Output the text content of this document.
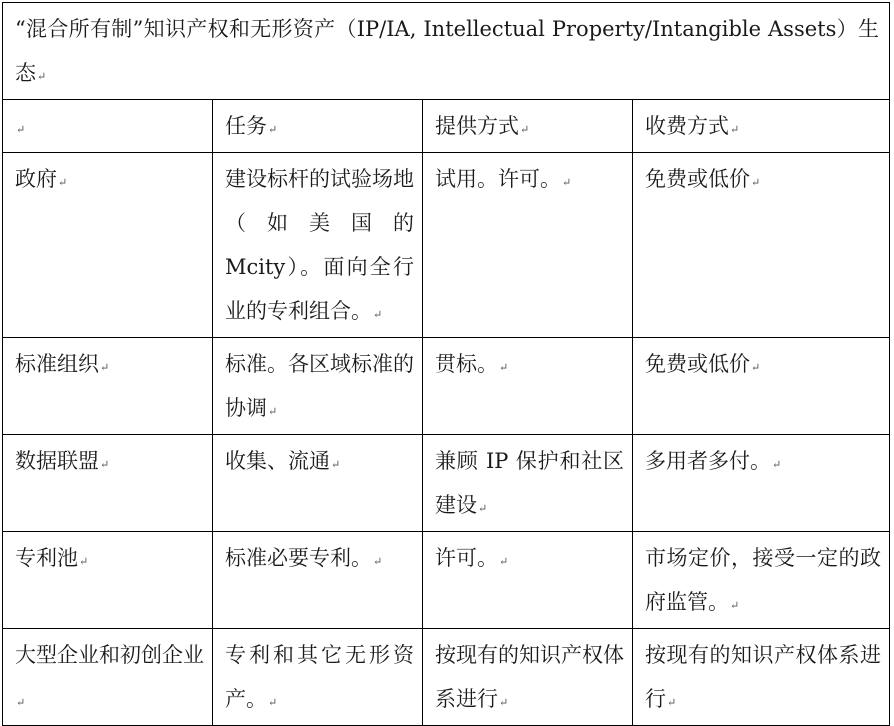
“混合所有制”知识产权和无形资产（IP/IA, Intellectual Property/Intangible Assets）生态↵			
↵	任务↵	提供方式↵	收费方式↵
政府↵	建设标杆的试验场地（如美国的Mcity）。面向全行业的专利组合。↵	试用。许可。↵	免费或低价↵
标准组织↵	标准。各区域标准的协调↵	贯标。↵	免费或低价↵
数据联盟↵	收集、流通↵	兼顾 IP 保护和社区建设↵	多用者多付。↵
专利池↵	标准必要专利。↵	许可。↵	市场定价，接受一定的政府监管。↵
大型企业和初创企业↵	专利和其它无形资产。↵	按现有的知识产权体系进行↵	按现有的知识产权体系进行↵
